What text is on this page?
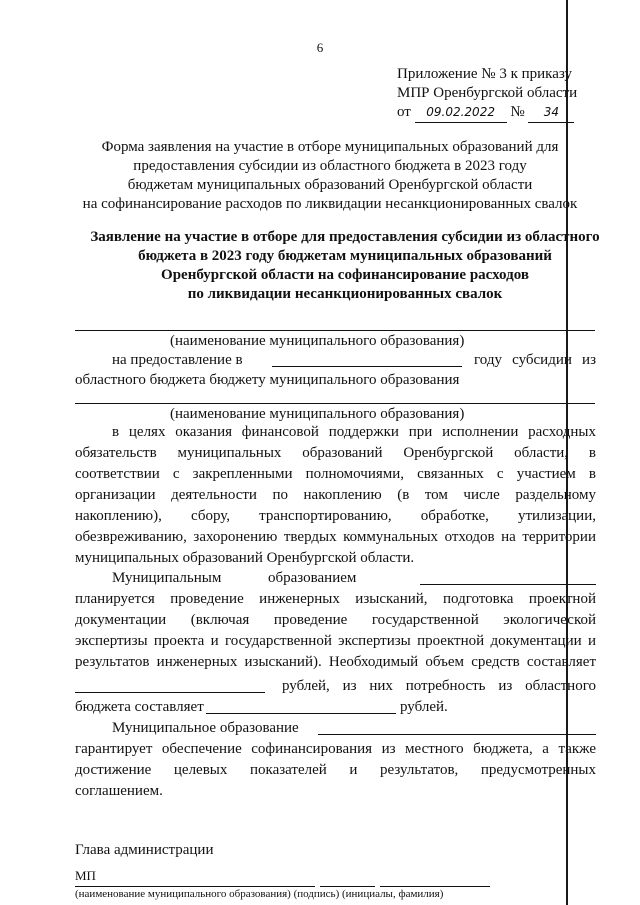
6
Приложение № 3 к приказу
МПР Оренбургской области
от 09.02.2022 № 34
Форма заявления на участие в отборе муниципальных образований для
предоставления субсидии из областного бюджета в 2023 году
бюджетам муниципальных образований Оренбургской области
на софинансирование расходов по ликвидации несанкционированных свалок
Заявление на участие в отборе для предоставления субсидии из областного
бюджета в 2023 году бюджетам муниципальных образований
Оренбургской области на софинансирование расходов
по ликвидации несанкционированных свалок
(наименование муниципального образования)
на предоставление в	году субсидии из
областного бюджета бюджету муниципального образования
(наименование муниципального образования)
в целях оказания финансовой поддержки при исполнении расходных
обязательств муниципальных образований Оренбургской области, в
соответствии с закрепленными полномочиями, связанных с участием в
организации деятельности по накоплению (в том числе раздельному
накоплению), сбору, транспортированию, обработке, утилизации,
обезвреживанию, захоронению твердых коммунальных отходов на территории
муниципальных образований Оренбургской области.
Муниципальным	образованием
планируется проведение инженерных изысканий, подготовка проектной
документации (включая проведение государственной экологической
экспертизы проекта и государственной экспертизы проектной документации и
результатов инженерных изысканий). Необходимый объем средств составляет
рублей, из них потребность из областного
бюджета составляет	рублей.
Муниципальное образование
гарантирует обеспечение софинансирования из местного бюджета, а также
достижение целевых показателей и результатов, предусмотренных
соглашением.
Глава администрации
(наименование муниципального образования) (подпись) (инициалы, фамилия)
МП
